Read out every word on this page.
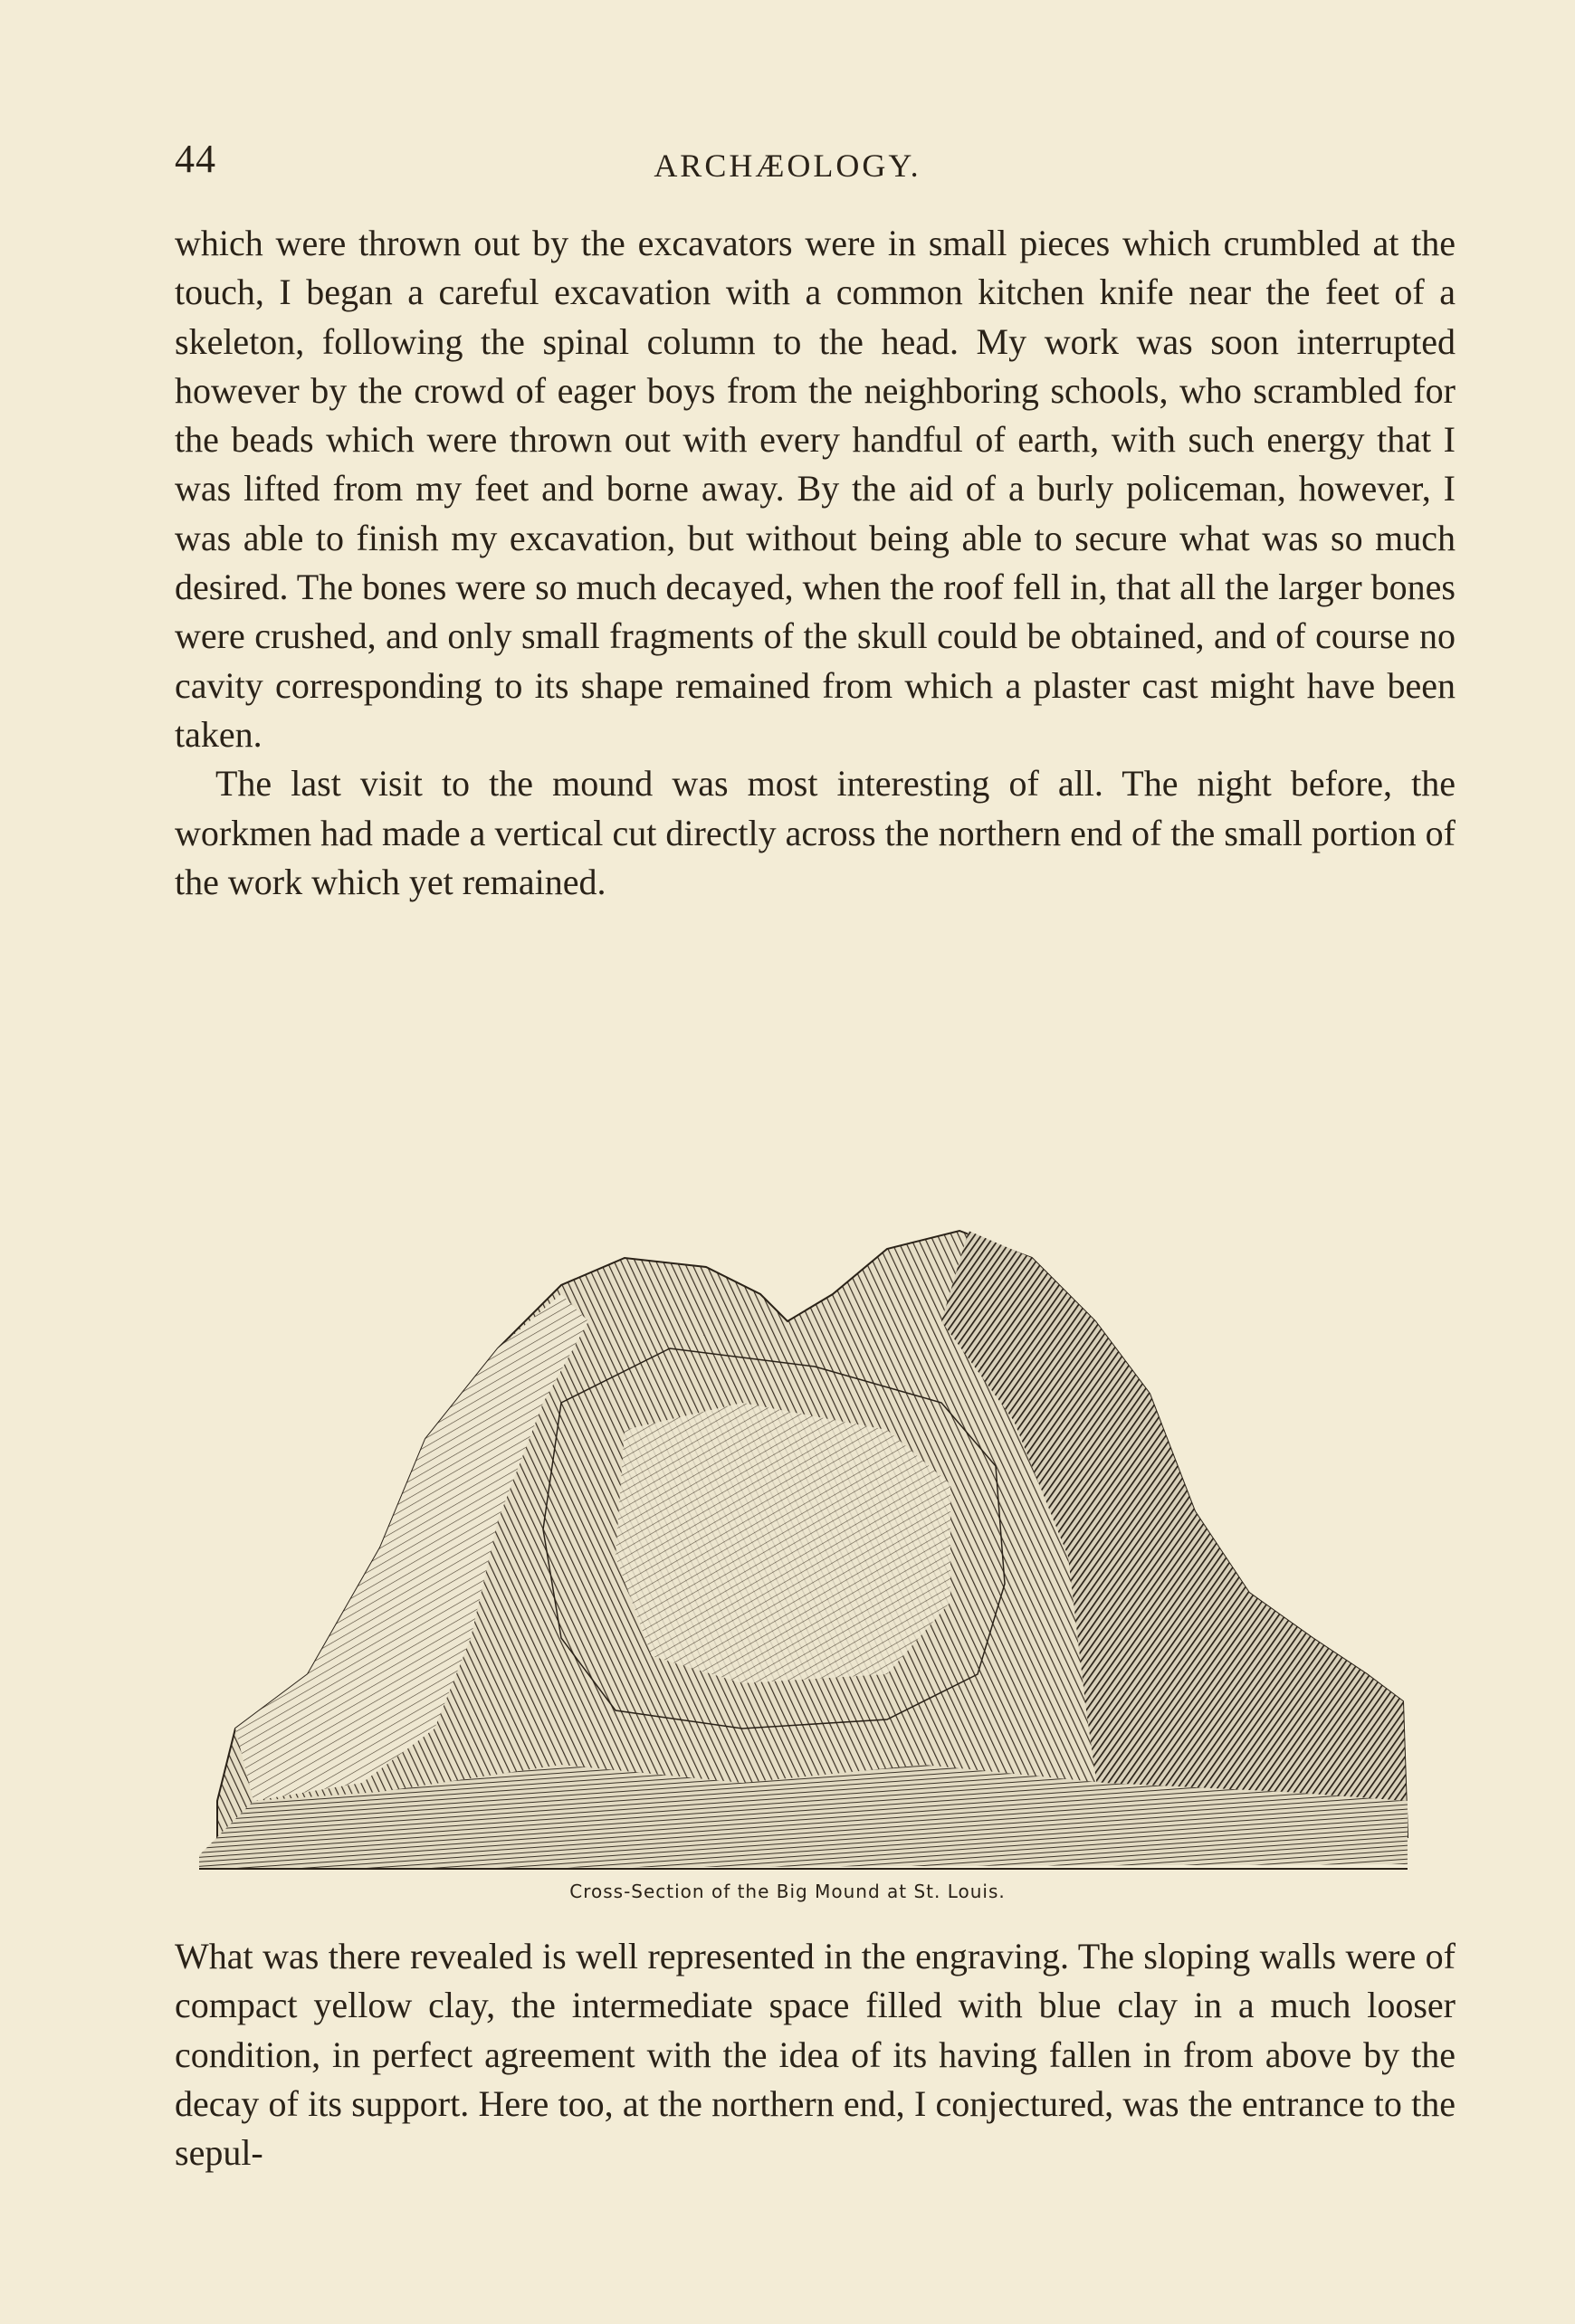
44	ARCHÆOLOGY.

which were thrown out by the excavators were in small pieces which crumbled at the touch, I began a careful excavation with a common kitchen knife near the feet of a skeleton, following the spinal column to the head. My work was soon interrupted however by the crowd of eager boys from the neighboring schools, who scrambled for the beads which were thrown out with every handful of earth, with such energy that I was lifted from my feet and borne away. By the aid of a burly policeman, however, I was able to finish my excavation, but without being able to secure what was so much desired. The bones were so much decayed, when the roof fell in, that all the larger bones were crushed, and only small fragments of the skull could be obtained, and of course no cavity corresponding to its shape remained from which a plaster cast might have been taken.

The last visit to the mound was most interesting of all. The night before, the workmen had made a vertical cut directly across the northern end of the small portion of the work which yet remained.

Cross-Section of the Big Mound at St. Louis.

What was there revealed is well represented in the engraving. The sloping walls were of compact yellow clay, the intermediate space filled with blue clay in a much looser condition, in perfect agreement with the idea of its having fallen in from above by the decay of its support. Here too, at the northern end, I conjectured, was the entrance to the sepul-
